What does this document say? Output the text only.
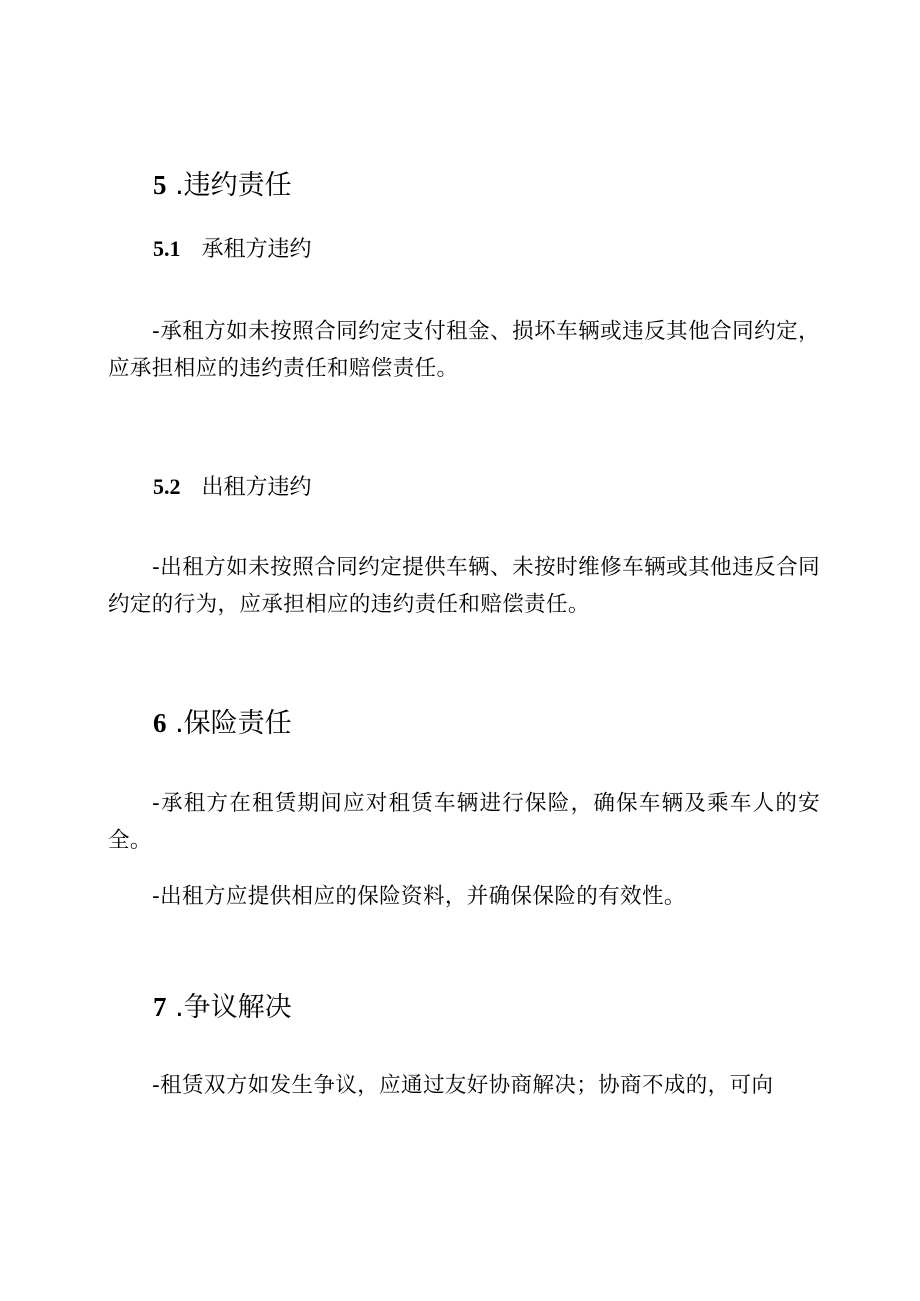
5 .违约责任
5.1 承租方违约

-承租方如未按照合同约定支付租金、损坏车辆或违反其他合同约定，应承担相应的违约责任和赔偿责任。

5.2 出租方违约

-出租方如未按照合同约定提供车辆、未按时维修车辆或其他违反合同约定的行为，应承担相应的违约责任和赔偿责任。

6 .保险责任

-承租方在租赁期间应对租赁车辆进行保险，确保车辆及乘车人的安全。

-出租方应提供相应的保险资料，并确保保险的有效性。

7 .争议解决

-租赁双方如发生争议，应通过友好协商解决；协商不成的，可向
